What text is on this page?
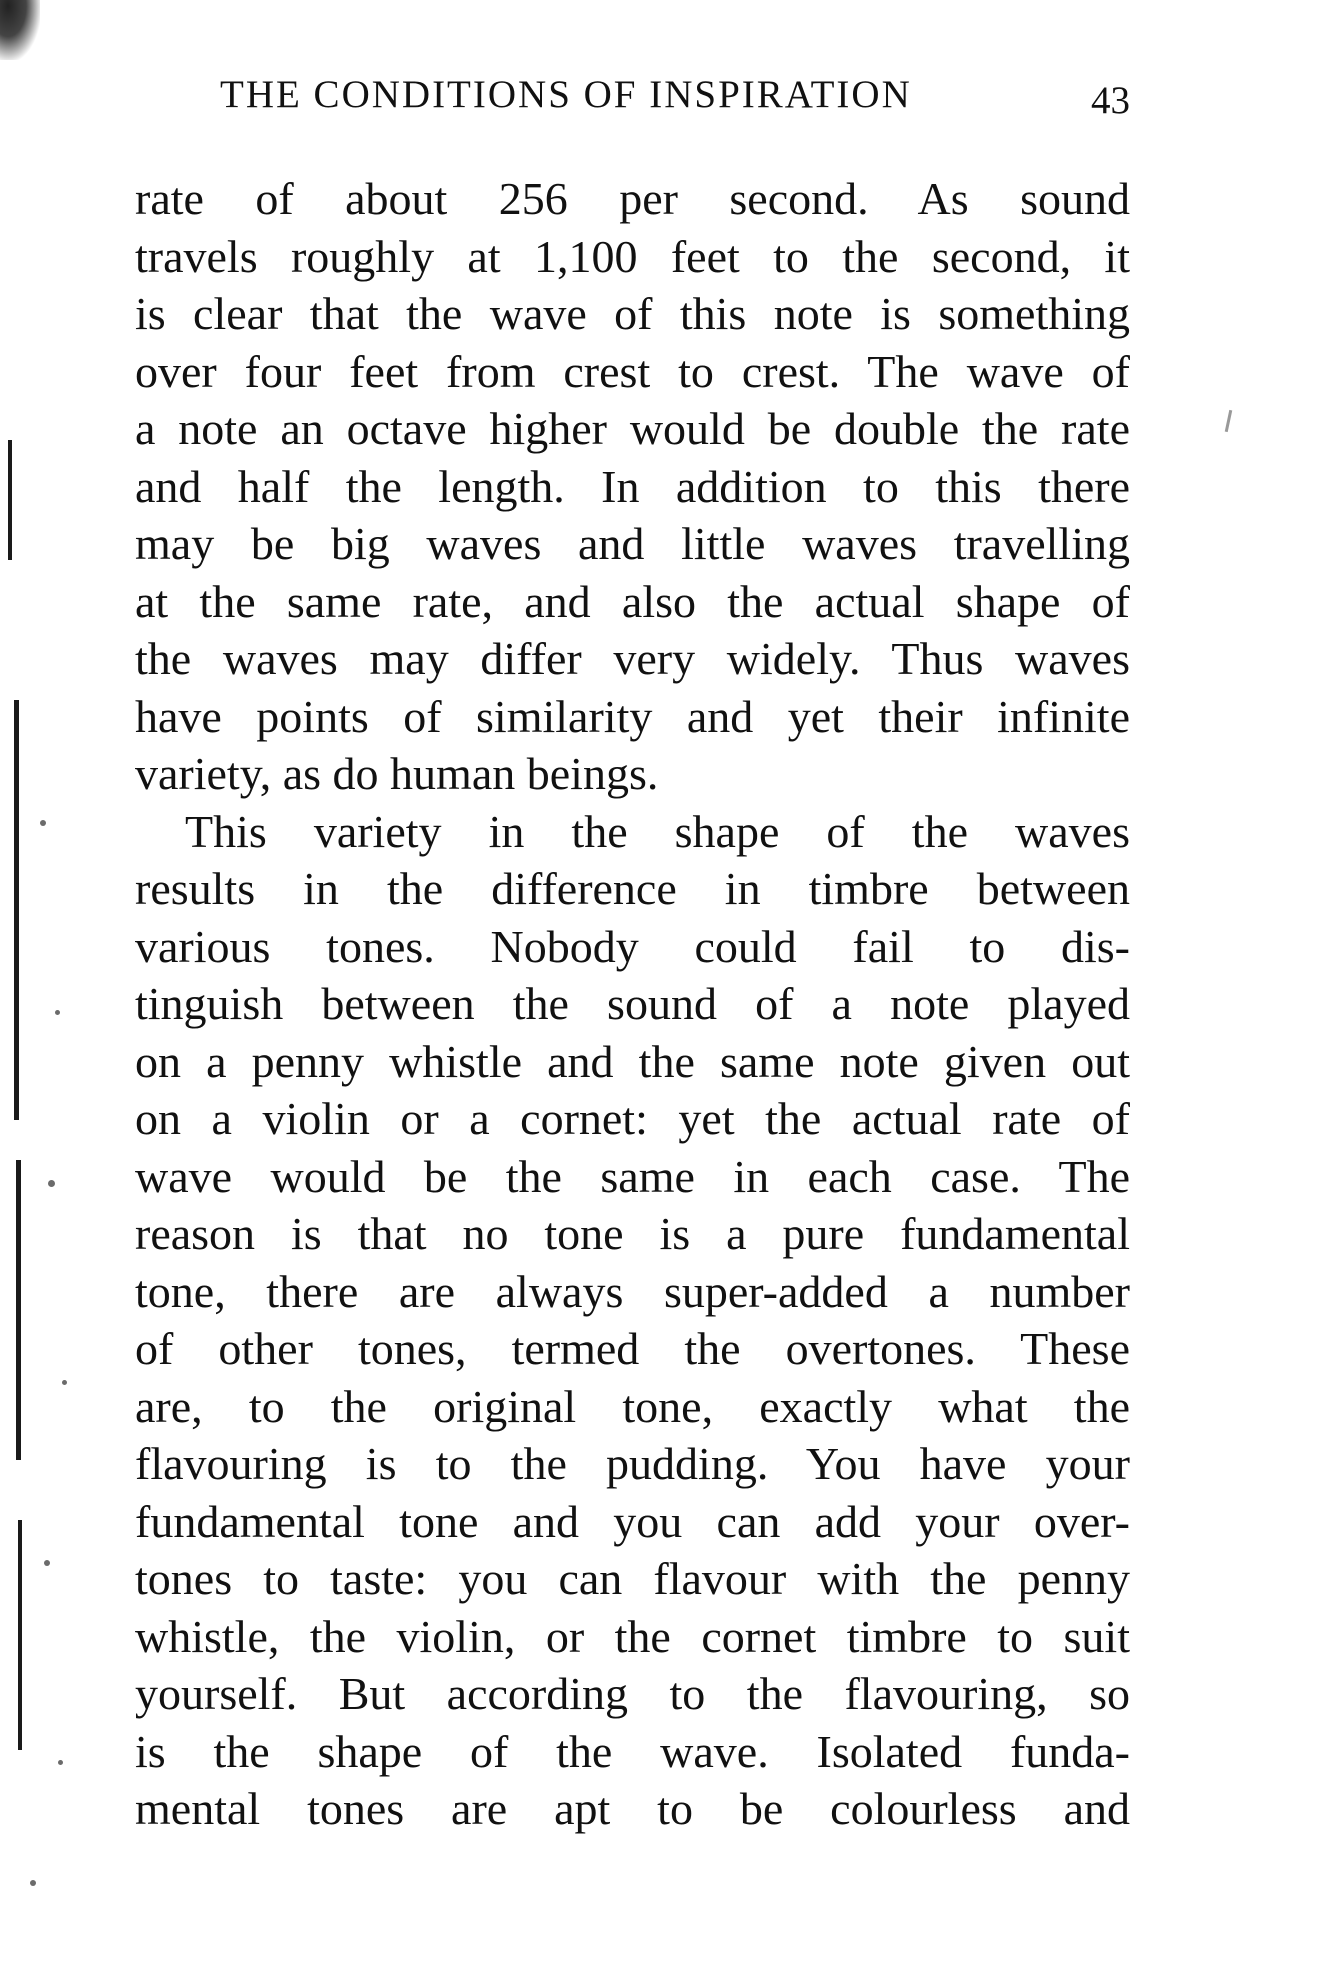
THE CONDITIONS OF INSPIRATION	43
rate of about 256 per second. As sound
travels roughly at 1,100 feet to the second, it
is clear that the wave of this note is something
over four feet from crest to crest. The wave of
a note an octave higher would be double the rate
and half the length. In addition to this there
may be big waves and little waves travelling
at the same rate, and also the actual shape of
the waves may differ very widely. Thus waves
have points of similarity and yet their infinite
variety, as do human beings.
This variety in the shape of the waves
results in the difference in timbre between
various tones. Nobody could fail to dis-
tinguish between the sound of a note played
on a penny whistle and the same note given out
on a violin or a cornet: yet the actual rate of
wave would be the same in each case. The
reason is that no tone is a pure fundamental
tone, there are always super-added a number
of other tones, termed the overtones. These
are, to the original tone, exactly what the
flavouring is to the pudding. You have your
fundamental tone and you can add your over-
tones to taste: you can flavour with the penny
whistle, the violin, or the cornet timbre to suit
yourself. But according to the flavouring, so
is the shape of the wave. Isolated funda-
mental tones are apt to be colourless and
